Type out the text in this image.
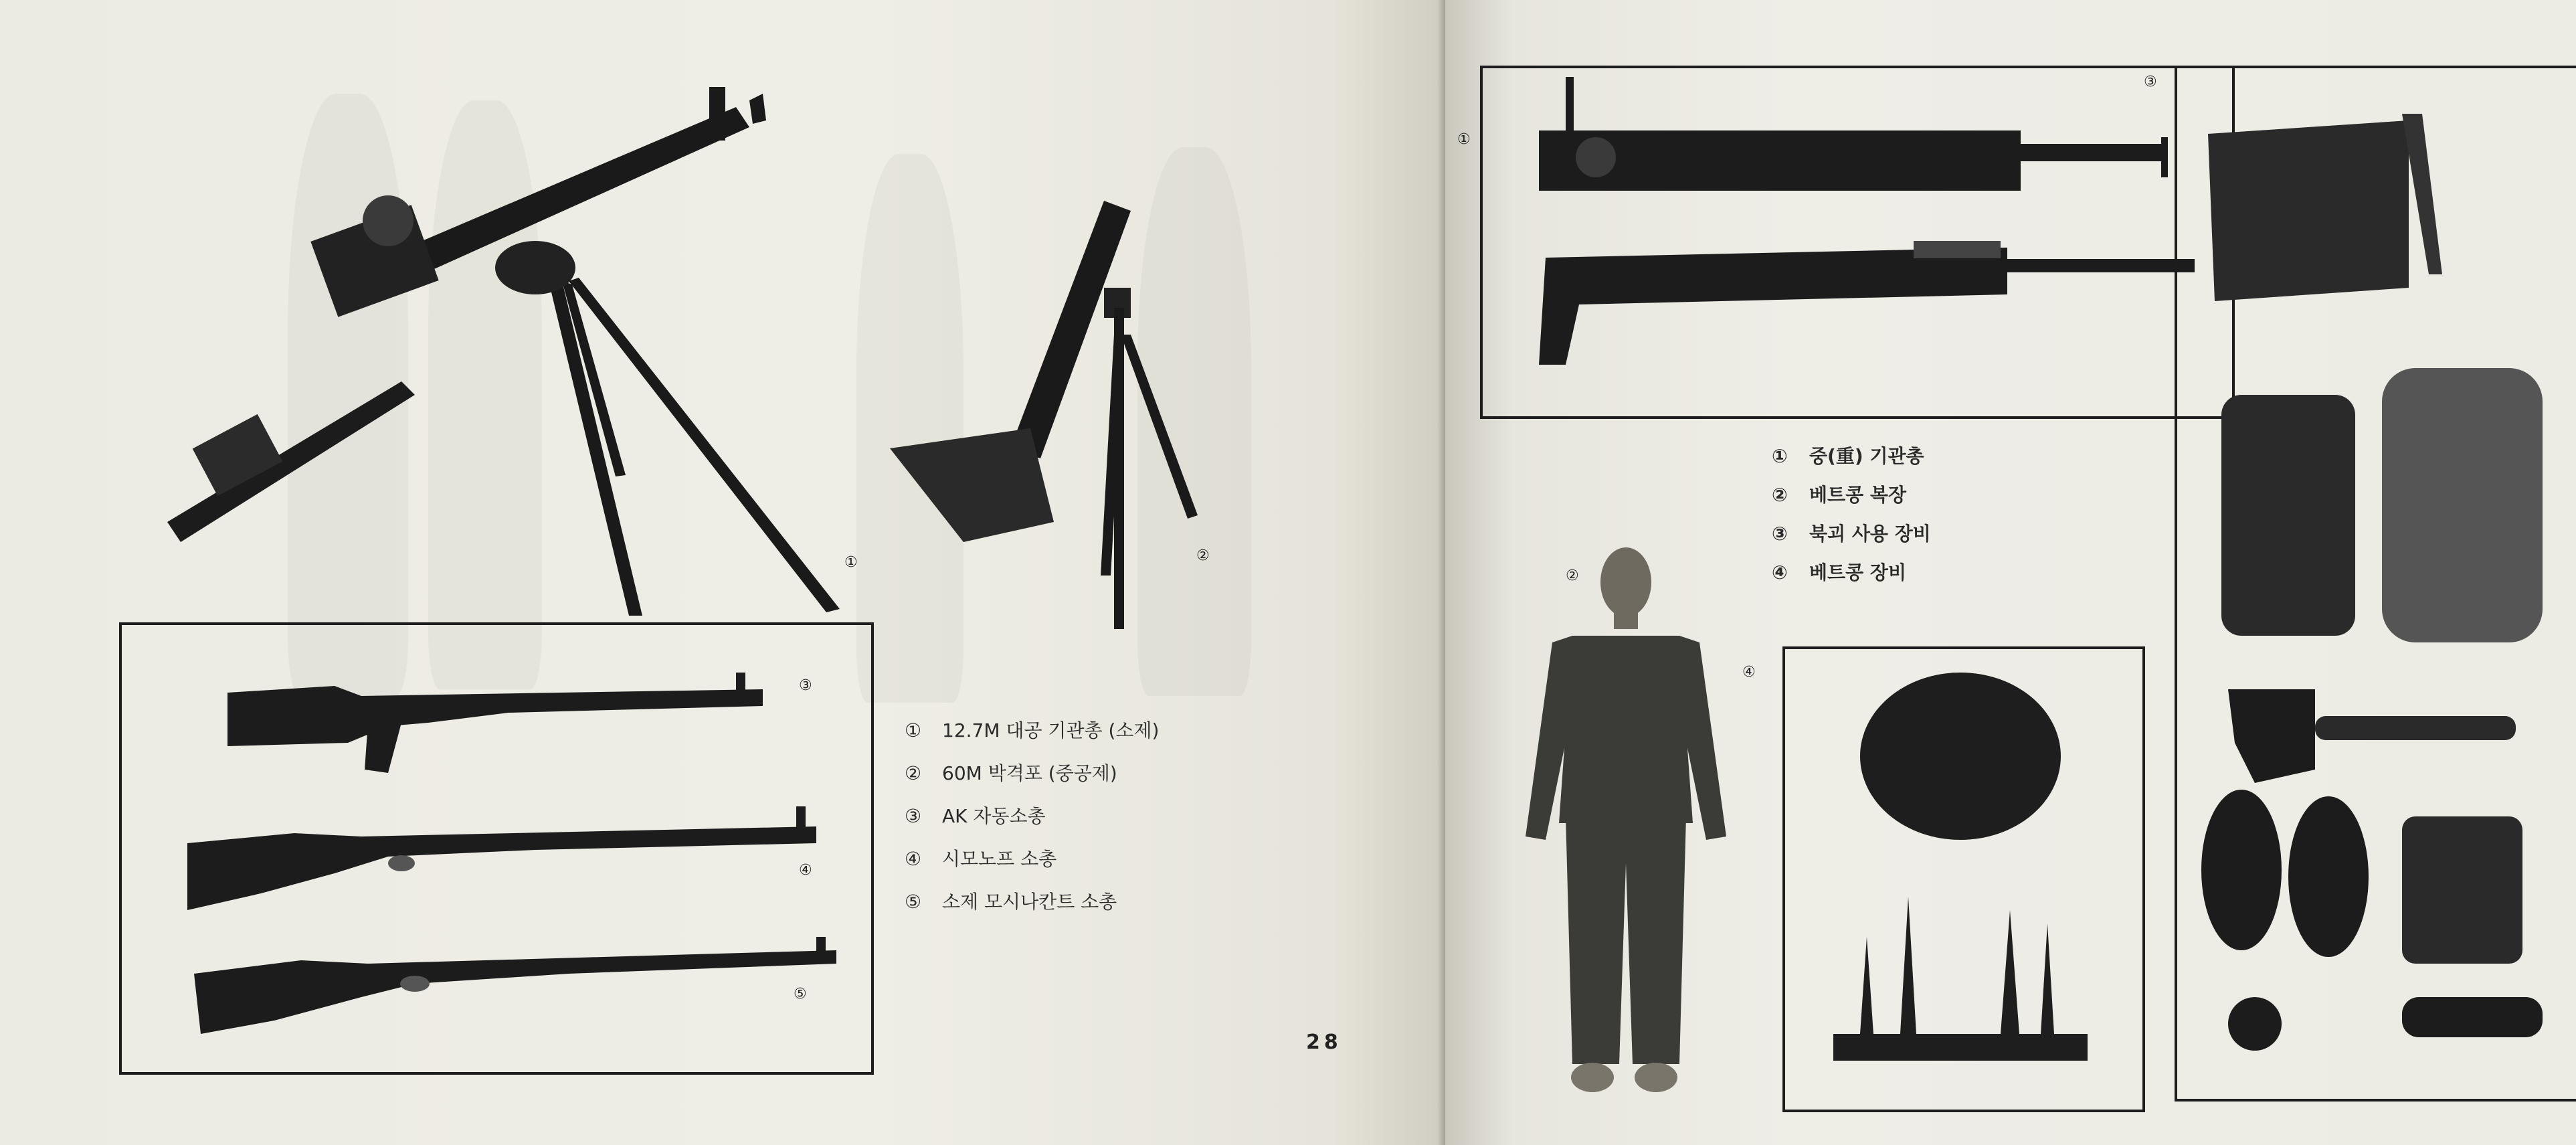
①	②
③
④
⑤
① 12.7M 대공 기관총 (소제)
② 60M 박격포 (중공제)
③ AK 자동소총
④ 시모노프 소총
⑤ 소제 모시나칸트 소총
28
①
③
① 중(重) 기관총
② 베트콩 복장
③ 북괴 사용 장비
④ 베트콩 장비
②
④
